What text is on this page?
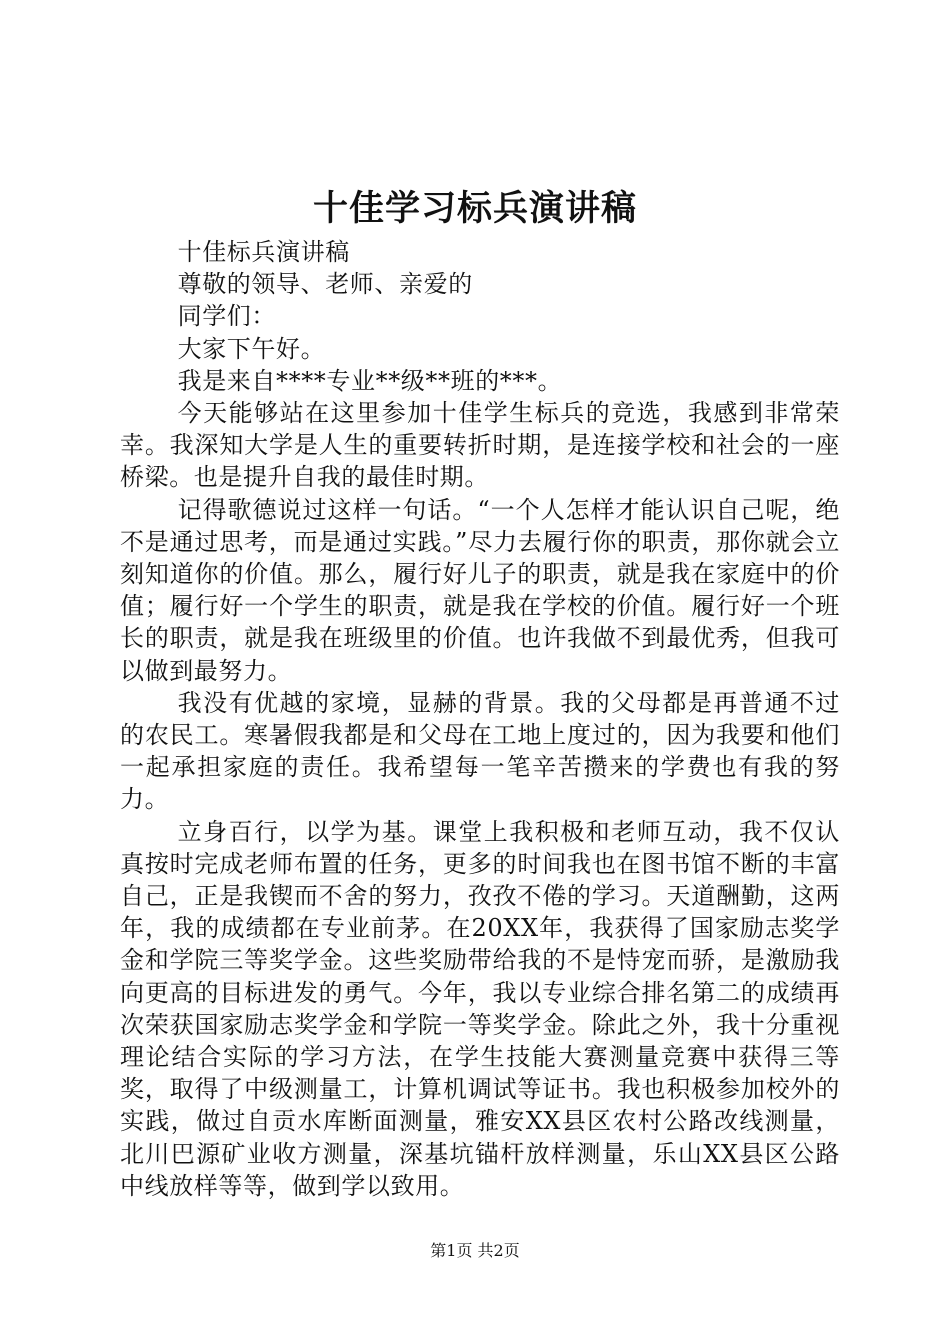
十佳学习标兵演讲稿

十佳标兵演讲稿

尊敬的领导、老师、亲爱的

同学们：

大家下午好。

我是来自****专业**级**班的***。

今天能够站在这里参加十佳学生标兵的竞选，我感到非常荣幸。我深知大学是人生的重要转折时期，是连接学校和社会的一座桥梁。也是提升自我的最佳时期。

记得歌德说过这样一句话。“一个人怎样才能认识自己呢，绝不是通过思考，而是通过实践。”尽力去履行你的职责，那你就会立刻知道你的价值。那么，履行好儿子的职责，就是我在家庭中的价值；履行好一个学生的职责，就是我在学校的价值。履行好一个班长的职责，就是我在班级里的价值。也许我做不到最优秀，但我可以做到最努力。

我没有优越的家境，显赫的背景。我的父母都是再普通不过的农民工。寒暑假我都是和父母在工地上度过的，因为我要和他们一起承担家庭的责任。我希望每一笔辛苦攒来的学费也有我的努力。

立身百行，以学为基。课堂上我积极和老师互动，我不仅认真按时完成老师布置的任务，更多的时间我也在图书馆不断的丰富自己，正是我锲而不舍的努力，孜孜不倦的学习。天道酬勤，这两年，我的成绩都在专业前茅。在20XX年，我获得了国家励志奖学金和学院三等奖学金。这些奖励带给我的不是恃宠而骄，是激励我向更高的目标进发的勇气。今年，我以专业综合排名第二的成绩再次荣获国家励志奖学金和学院一等奖学金。除此之外，我十分重视理论结合实际的学习方法，在学生技能大赛测量竞赛中获得三等奖，取得了中级测量工，计算机调试等证书。我也积极参加校外的实践，做过自贡水库断面测量，雅安XX县区农村公路改线测量，北川巴源矿业收方测量，深基坑锚杆放样测量，乐山XX县区公路中线放样等等，做到学以致用。

第1页 共2页
